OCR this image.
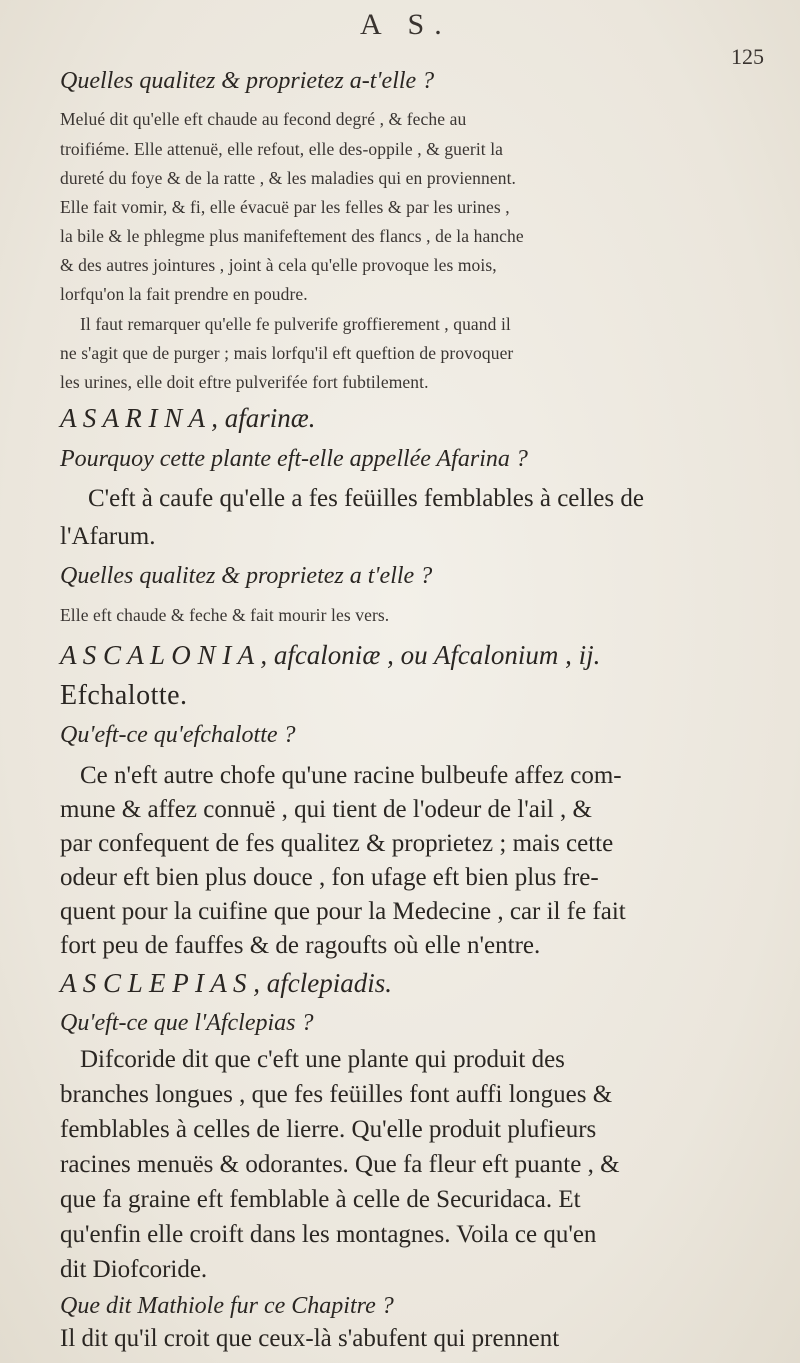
A S.
125
Quelles qualitez & proprietez a-t'elle ?
Melué dit qu'elle eft chaude au fecond degré , & feche au
troifiéme. Elle attenuë, elle refout, elle des-oppile , & guerit la
dureté du foye & de la ratte , & les maladies qui en proviennent.
Elle fait vomir, & fi, elle évacuë par les felles & par les urines ,
la bile & le phlegme plus manifeftement des flancs , de la hanche
& des autres jointures , joint à cela qu'elle provoque les mois,
lorfqu'on la fait prendre en poudre.
Il faut remarquer qu'elle fe pulverife groffierement , quand il
ne s'agit que de purger ; mais lorfqu'il eft queftion de provoquer
les urines, elle doit eftre pulverifée fort fubtilement.
A S A R I N A , afarinæ.
Pourquoy cette plante eft-elle appellée Afarina ?
C'eft à caufe qu'elle a fes feüilles femblables à celles de
l'Afarum.
Quelles qualitez & proprietez a t'elle ?
Elle eft chaude & feche & fait mourir les vers.
A S C A L O N I A , afcaloniæ , ou Afcalonium , ij.
Efchalotte.
Qu'eft-ce qu'efchalotte ?
Ce n'eft autre chofe qu'une racine bulbeufe affez com-
mune & affez connuë , qui tient de l'odeur de l'ail , &
par confequent de fes qualitez & proprietez ; mais cette
odeur eft bien plus douce , fon ufage eft bien plus fre-
quent pour la cuifine que pour la Medecine , car il fe fait
fort peu de fauffes & de ragoufts où elle n'entre.
A S C L E P I A S , afclepiadis.
Qu'eft-ce que l'Afclepias ?
Difcoride dit que c'eft une plante qui produit des
branches longues , que fes feüilles font auffi longues &
femblables à celles de lierre. Qu'elle produit plufieurs
racines menuës & odorantes. Que fa fleur eft puante , &
que fa graine eft femblable à celle de Securidaca. Et
qu'enfin elle croift dans les montagnes. Voila ce qu'en
dit Diofcoride.
Que dit Mathiole fur ce Chapitre ?
Il dit qu'il croit que ceux-là s'abufent qui prennent
